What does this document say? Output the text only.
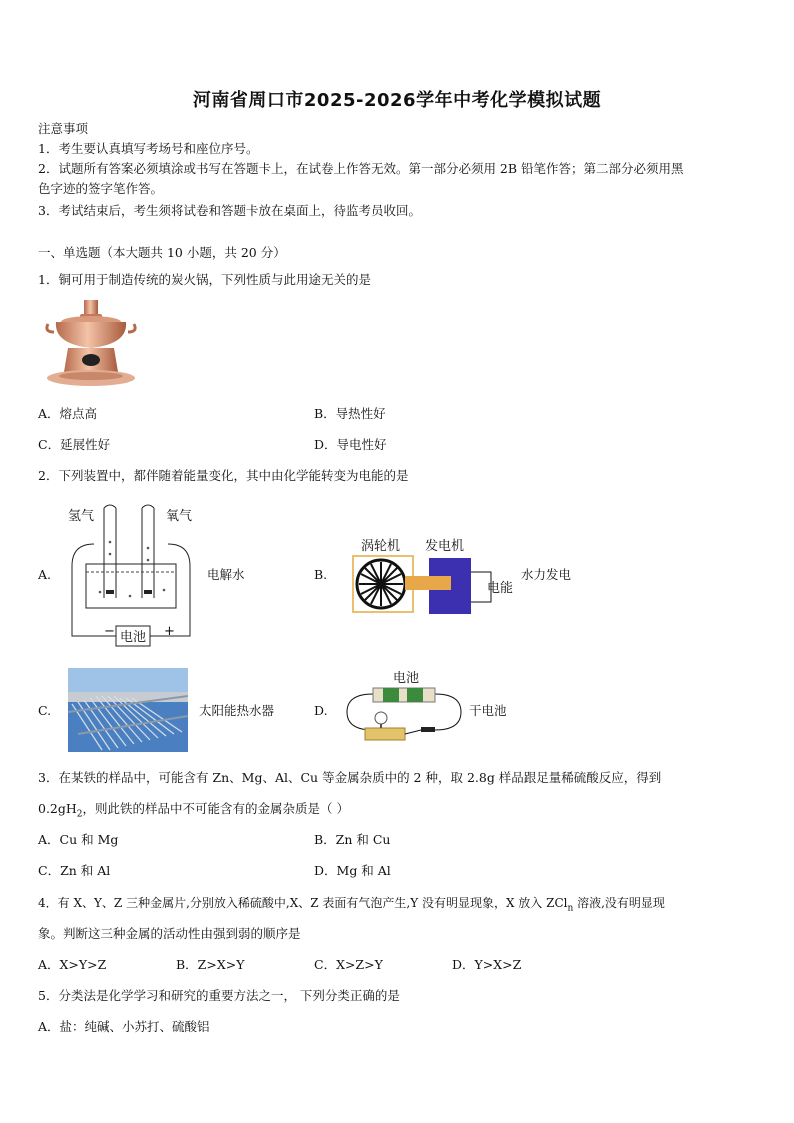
河南省周口市2025-2026学年中考化学模拟试题
注意事项
1．考生要认真填写考场号和座位序号。
2．试题所有答案必须填涂或书写在答题卡上，在试卷上作答无效。第一部分必须用 2B 铅笔作答；第二部分必须用黑
色字迹的签字笔作答。
3．考试结束后，考生须将试卷和答题卡放在桌面上，待监考员收回。
一、单选题（本大题共 10 小题，共 20 分）
1．铜可用于制造传统的炭火锅，下列性质与此用途无关的是
A．熔点高	B．导热性好
C．延展性好	D．导电性好
2．下列装置中，都伴随着能量变化，其中由化学能转变为电能的是
A.
氢气	氧气
电池
−	+
电解水	B.
涡轮机 发电机
电能
水力发电
C.	太阳能热水器	D.
电池
干电池
3．在某铁的样品中，可能含有 Zn、Mg、Al、Cu 等金属杂质中的 2 种，取 2.8g 样品跟足量稀硫酸反应，得到
$0.2gH_2$，则此铁的样品中不可能含有的金属杂质是（ ）
A．Cu 和 Mg	B．Zn 和 Cu
C．Zn 和 Al	D．Mg 和 Al
4．有 X、Y、Z 三种金属片,分别放入稀硫酸中,X、Z 表面有气泡产生,Y 没有明显现象，X 放入 ZCl$_n$ 溶液,没有明显现
象。判断这三种金属的活动性由强到弱的顺序是
A．X>Y>Z	B．Z>X>Y	C．X>Z>Y	D．Y>X>Z
5．分类法是化学学习和研究的重要方法之一， 下列分类正确的是
A．盐：纯碱、小苏打、硫酸铝
